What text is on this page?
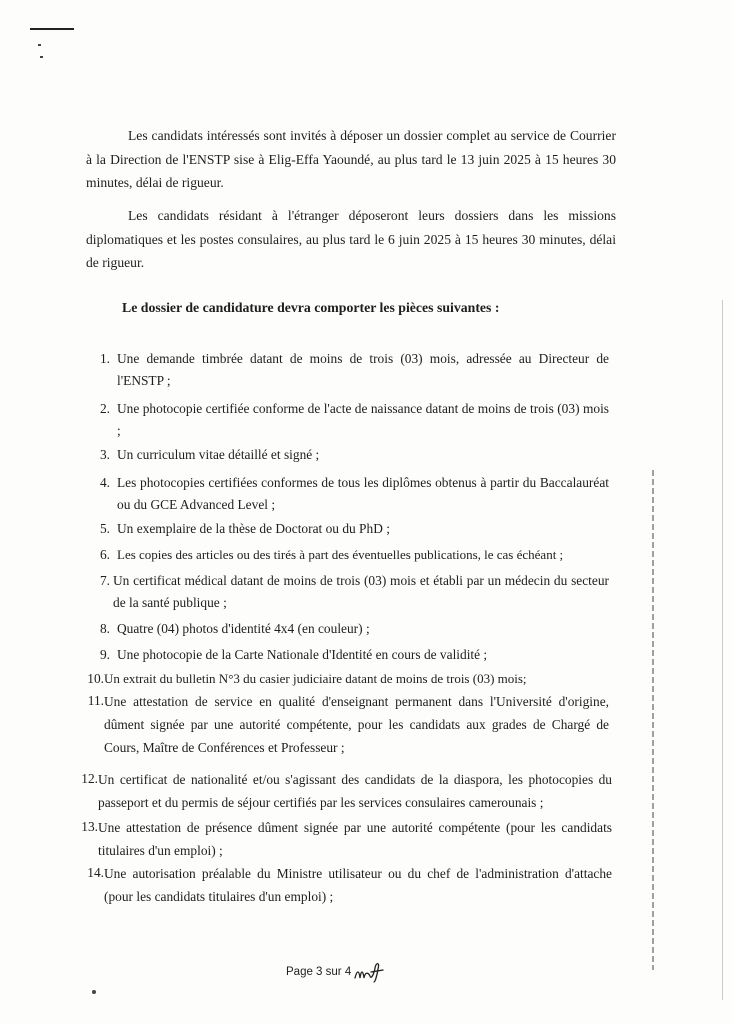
Les candidats intéressés sont invités à déposer un dossier complet au service de Courrier à la Direction de l'ENSTP sise à Elig-Effa Yaoundé, au plus tard le 13 juin 2025 à 15 heures 30 minutes, délai de rigueur.

Les candidats résidant à l'étranger déposeront leurs dossiers dans les missions diplomatiques et les postes consulaires, au plus tard le 6 juin 2025 à 15 heures 30 minutes, délai de rigueur.

Le dossier de candidature devra comporter les pièces suivantes :

1. Une demande timbrée datant de moins de trois (03) mois, adressée au Directeur de l'ENSTP ;
2. Une photocopie certifiée conforme de l'acte de naissance datant de moins de trois (03) mois ;
3. Un curriculum vitae détaillé et signé ;
4. Les photocopies certifiées conformes de tous les diplômes obtenus à partir du Baccalauréat ou du GCE Advanced Level ;
5. Un exemplaire de la thèse de Doctorat ou du PhD ;
6. Les copies des articles ou des tirés à part des éventuelles publications, le cas échéant ;
7. Un certificat médical datant de moins de trois (03) mois et établi par un médecin du secteur de la santé publique ;
8. Quatre (04) photos d'identité 4x4 (en couleur) ;
9. Une photocopie de la Carte Nationale d'Identité en cours de validité ;
10. Un extrait du bulletin N°3 du casier judiciaire datant de moins de trois (03) mois;
11. Une attestation de service en qualité d'enseignant permanent dans l'Université d'origine, dûment signée par une autorité compétente, pour les candidats aux grades de Chargé de Cours, Maître de Conférences et Professeur ;
12. Un certificat de nationalité et/ou s'agissant des candidats de la diaspora, les photocopies du passeport et du permis de séjour certifiés par les services consulaires camerounais ;
13. Une attestation de présence dûment signée par une autorité compétente (pour les candidats titulaires d'un emploi) ;
14. Une autorisation préalable du Ministre utilisateur ou du chef de l'administration d'attache (pour les candidats titulaires d'un emploi) ;
Page 3 sur 4
